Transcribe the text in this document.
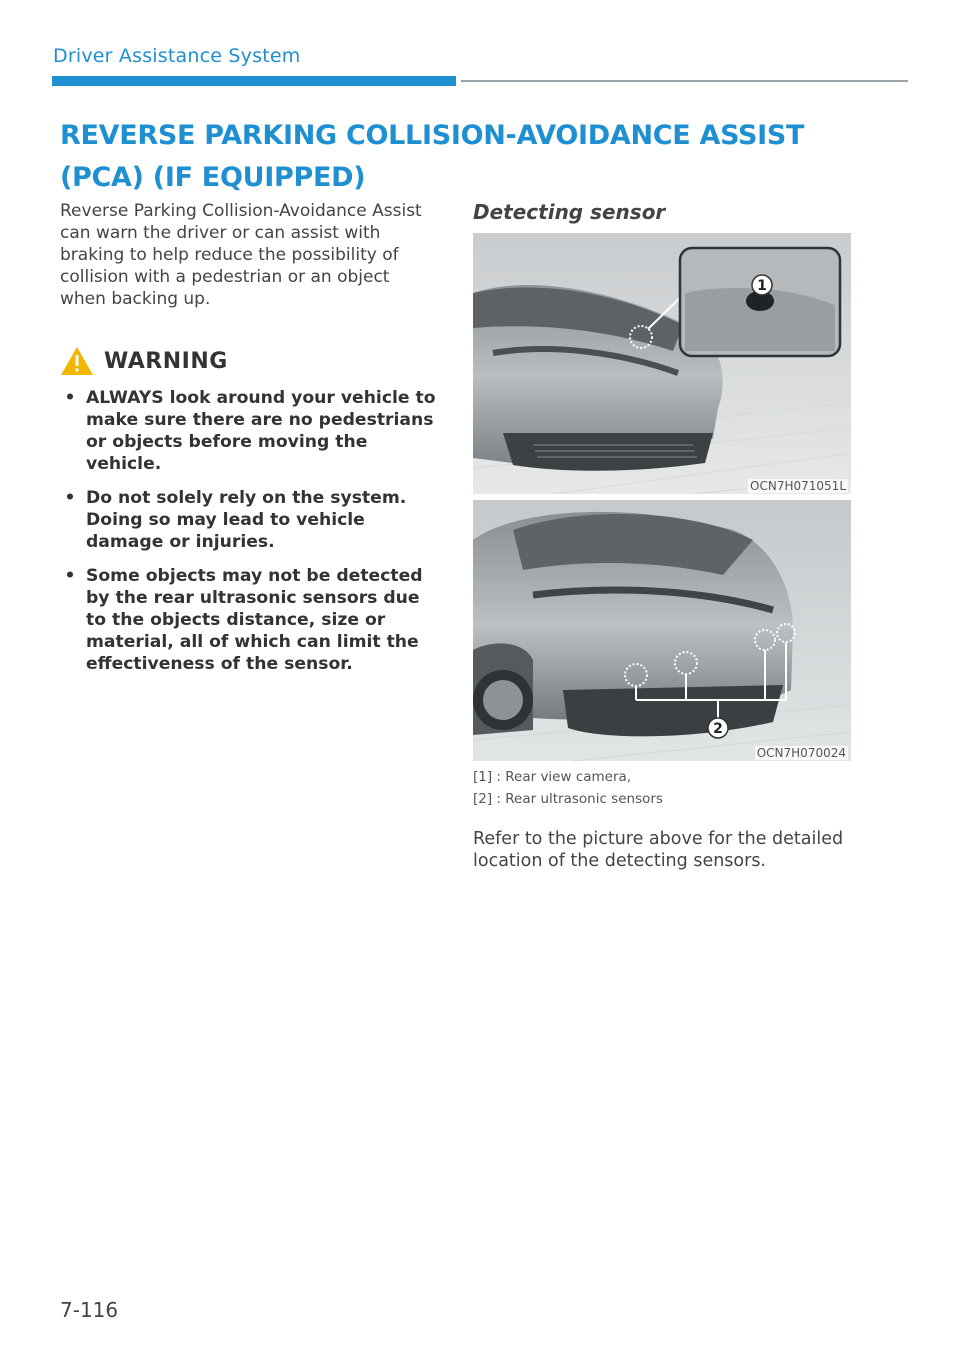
Driver Assistance System
REVERSE PARKING COLLISION-AVOIDANCE ASSIST (PCA) (IF EQUIPPED)

Reverse Parking Collision-Avoidance Assist can warn the driver or can assist with braking to help reduce the possibility of collision with a pedestrian or an object when backing up.

WARNING
• ALWAYS look around your vehicle to make sure there are no pedestrians or objects before moving the vehicle.
• Do not solely rely on the system. Doing so may lead to vehicle damage or injuries.
• Some objects may not be detected by the rear ultrasonic sensors due to the objects distance, size or material, all of which can limit the effectiveness of the sensor.
Detecting sensor
1
OCN7H071051L
2
OCN7H070024

[1] : Rear view camera,

[2] : Rear ultrasonic sensors

Refer to the picture above for the detailed location of the detecting sensors.

7-116
